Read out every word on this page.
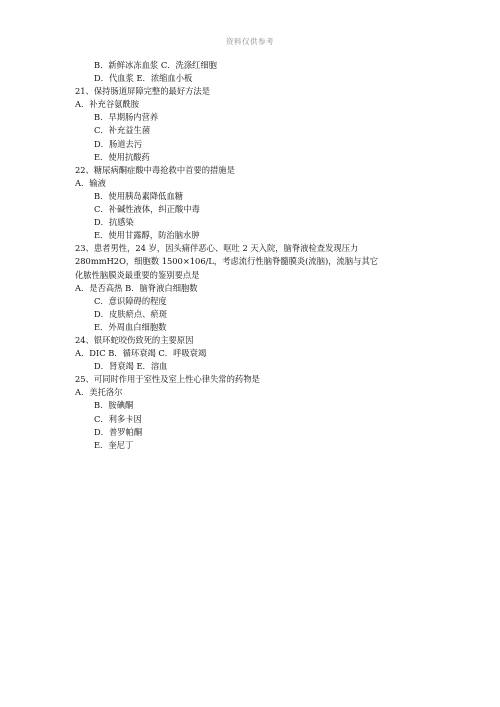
资料仅供参考
B．新鲜冰冻血浆 C．洗涤红细胞
D．代血浆 E．浓缩血小板
21、保持肠道屏障完整的最好方法是
A．补充谷氨酰胺
B．早期肠内营养
C．补充益生菌
D．肠道去污
E．使用抗酸药
22、糖尿病酮症酸中毒抢救中首要的措施是
A．输液
B．使用胰岛素降低血糖
C．补碱性液体，纠正酸中毒
D．抗感染
E．使用甘露醇，防治脑水肿
23、患者男性，24 岁，因头痛伴恶心、呕吐 2 天入院，脑脊液检查发现压力
280mmH2O，细胞数 1500×106/L，考虑流行性脑脊髓膜炎(流脑)，流脑与其它
化脓性脑膜炎最重要的鉴别要点是
A．是否高热 B．脑脊液白细胞数
C．意识障碍的程度
D．皮肤瘀点、瘀斑
E．外周血白细胞数
24、银环蛇咬伤致死的主要原因
A．DIC B．循环衰竭 C．呼吸衰竭
D．肾衰竭 E．溶血
25、可同时作用于室性及室上性心律失常的药物是
A．美托洛尔
B．胺碘酮
C．利多卡因
D．普罗帕酮
E．奎尼丁
